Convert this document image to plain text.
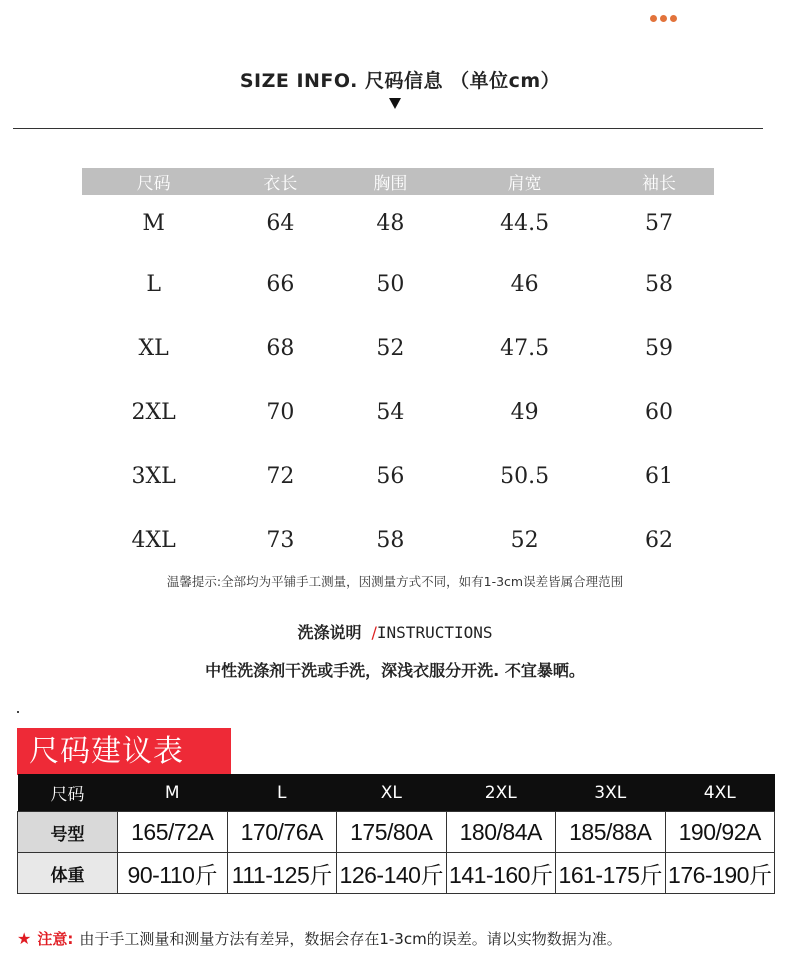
SIZE INFO. 尺码信息 （单位cm）
尺码	衣长	胸围	肩宽	袖长
M	64	48	44.5	57
L	66	50	46	58
XL	68	52	47.5	59
2XL	70	54	49	60
3XL	72	56	50.5	61
4XL	73	58	52	62
温馨提示:全部均为平铺手工测量，因测量方式不同，如有1-3cm误差皆属合理范围
洗涤说明 /INSTRUCTIONS
中性洗涤剂干洗或手洗，深浅衣服分开洗. 不宜暴晒。
尺码建议表
尺码	M	L	XL	2XL	3XL	4XL
号型	165/72A	170/76A	175/80A	180/84A	185/88A	190/92A
体重	90-110斤	111-125斤	126-140斤	141-160斤	161-175斤	176-190斤
★ 注意: 由于手工测量和测量方法有差异，数据会存在1-3cm的误差。请以实物数据为准。
